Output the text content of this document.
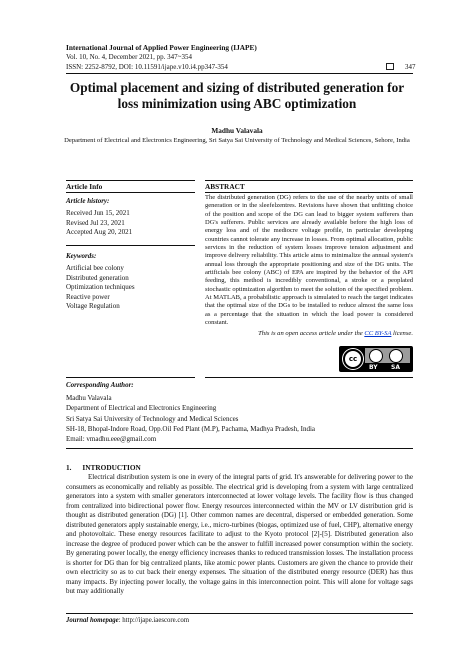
International Journal of Applied Power Engineering (IJAPE)
Vol. 10, No. 4, December 2021, pp. 347~354
ISSN: 2252-8792, DOI: 10.11591/ijape.v10.i4.pp347-354	347
Optimal placement and sizing of distributed generation for loss minimization using ABC optimization
Madhu Valavala
Department of Electrical and Electronics Engineering, Sri Satya Sai University of Technology and Medical Sciences, Sehore, India
Article Info	ABSTRACT
Article history:
Received Jun 15, 2021
Revised Jul 23, 2021
Accepted Aug 20, 2021
Keywords:
Artificial bee colony
Distributed generation
Optimization techniques
Reactive power
Voltage Regulation
The distributed generation (DG) refers to the use of the nearby units of small generation or in the sleefelzentres. Revisions have shown that unfitting choice of the position and scope of the DG can lead to bigger system sufferers than DG's sufferers. Public services are already available before the high loss of energy loss and of the mediocre voltage profile, in particular developing countries cannot tolerate any increase in losses. From optimal allocation, public services in the reduction of system losses improve tension adjustment and improve delivery reliability. This article aims to minimalize the annual system's annual loss through the appropriate positioning and size of the DG units. The artificials bee colony (ABC) of EPA are inspired by the behavior of the API feeding, this method is incredibly conventional, a stroke or a peoplated stochastic optimization algorithm to meet the solution of the specified problem. At MATLAB, a probabilistic approach is simulated to reach the target indicates that the optimal size of the DGs to be installed to reduce almost the same loss as a percentage that the situation in which the load power is considered constant.
This is an open access article under the CC BY-SA license.
cc
BY SA
Corresponding Author:
Madhu Valavala
Department of Electrical and Electronics Engineering
Sri Satya Sai University of Technology and Medical Sciences
SH-18, Bhopal-Indore Road, Opp.Oil Fed Plant (M.P), Pachama, Madhya Pradesh, India
Email: vmadhu.eee@gmail.com
1.      INTRODUCTION
Electrical distribution system is one in every of the integral parts of grid. It's answerable for delivering power to the consumers as economically and reliably as possible. The electrical grid is developing from a system with large centralized generators into a system with smaller generators interconnected at lower voltage levels. The facility flow is thus changed from centralized into bidirectional power flow. Energy resources interconnected within the MV or LV distribution grid is thought as distributed generation (DG) [1]. Other common names are decentral, dispersed or embedded generation. Some distributed generators apply sustainable energy, i.e., micro-turbines (biogas, optimized use of fuel, CHP), alternative energy and photovoltaic. These energy resources facilitate to adjust to the Kyoto protocol [2]-[5]. Distributed generation also increase the degree of produced power which can be the answer to fulfill increased power consumption within the society. By generating power locally, the energy efficiency increases thanks to reduced transmission losses. The installation process is shorter for DG than for big centralized plants, like atomic power plants. Customers are given the chance to provide their own electricity so as to cut back their energy expenses. The situation of the distributed energy resource (DER) has thus many impacts. By injecting power locally, the voltage gains in this interconnection point. This will alone for voltage sags but may additionally
Journal homepage: http://ijape.iaescore.com
